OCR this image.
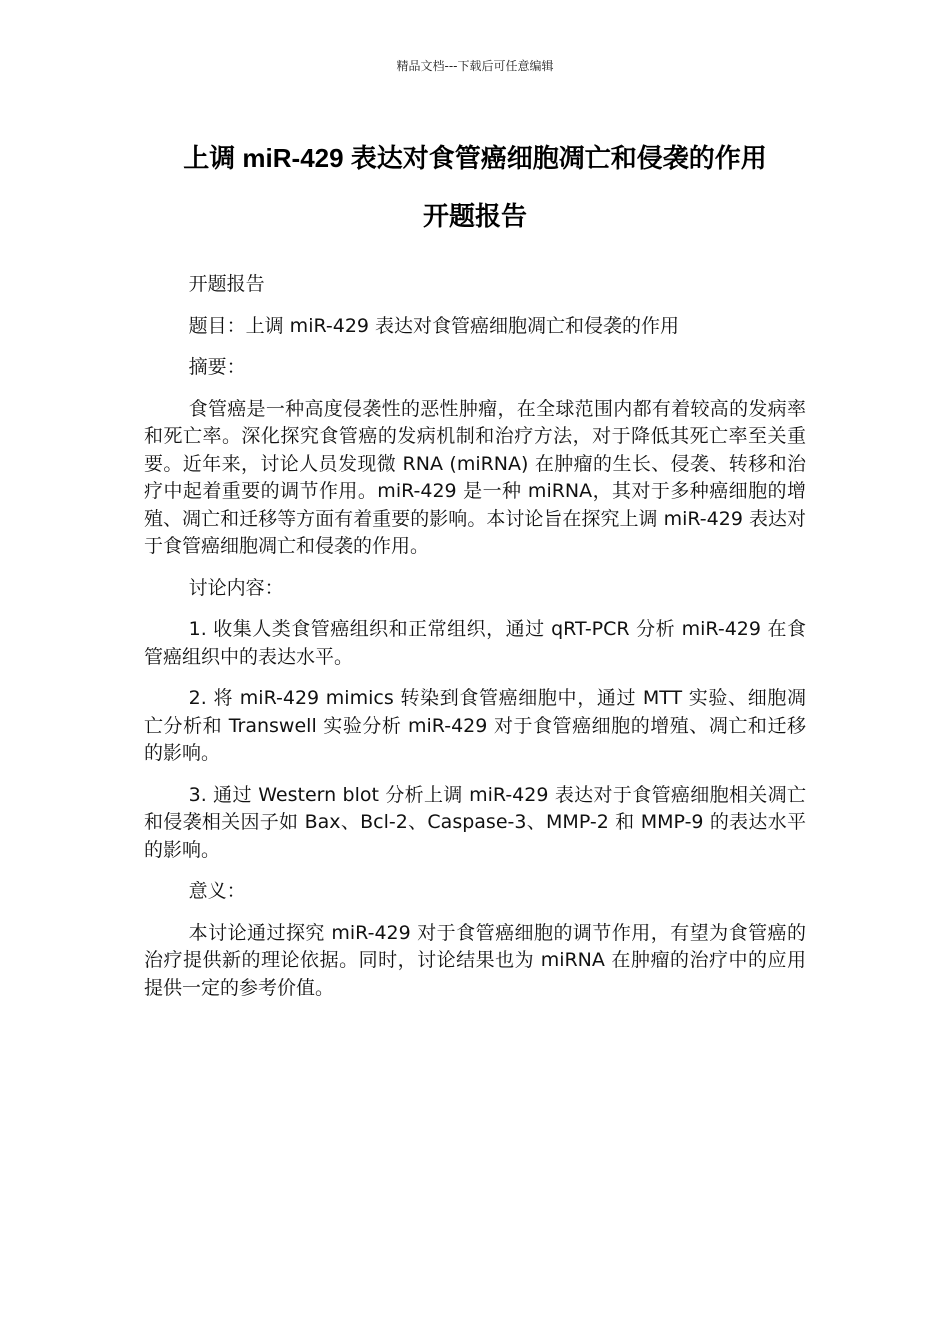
精品文档---下载后可任意编辑
上调 miR-429 表达对食管癌细胞凋亡和侵袭的作用
开题报告

开题报告

题目：上调 miR-429 表达对食管癌细胞凋亡和侵袭的作用

摘要：

食管癌是一种高度侵袭性的恶性肿瘤，在全球范围内都有着较高的发病率和死亡率。深化探究食管癌的发病机制和治疗方法，对于降低其死亡率至关重要。近年来，讨论人员发现微 RNA (miRNA) 在肿瘤的生长、侵袭、转移和治疗中起着重要的调节作用。miR-429 是一种 miRNA，其对于多种癌细胞的增殖、凋亡和迁移等方面有着重要的影响。本讨论旨在探究上调 miR-429 表达对于食管癌细胞凋亡和侵袭的作用。

讨论内容：

1. 收集人类食管癌组织和正常组织，通过 qRT-PCR 分析 miR-429 在食管癌组织中的表达水平。

2. 将 miR-429 mimics 转染到食管癌细胞中，通过 MTT 实验、细胞凋亡分析和 Transwell 实验分析 miR-429 对于食管癌细胞的增殖、凋亡和迁移的影响。

3. 通过 Western blot 分析上调 miR-429 表达对于食管癌细胞相关凋亡和侵袭相关因子如 Bax、Bcl-2、Caspase-3、MMP-2 和 MMP-9 的表达水平的影响。

意义：

本讨论通过探究 miR-429 对于食管癌细胞的调节作用，有望为食管癌的治疗提供新的理论依据。同时，讨论结果也为 miRNA 在肿瘤的治疗中的应用提供一定的参考价值。
